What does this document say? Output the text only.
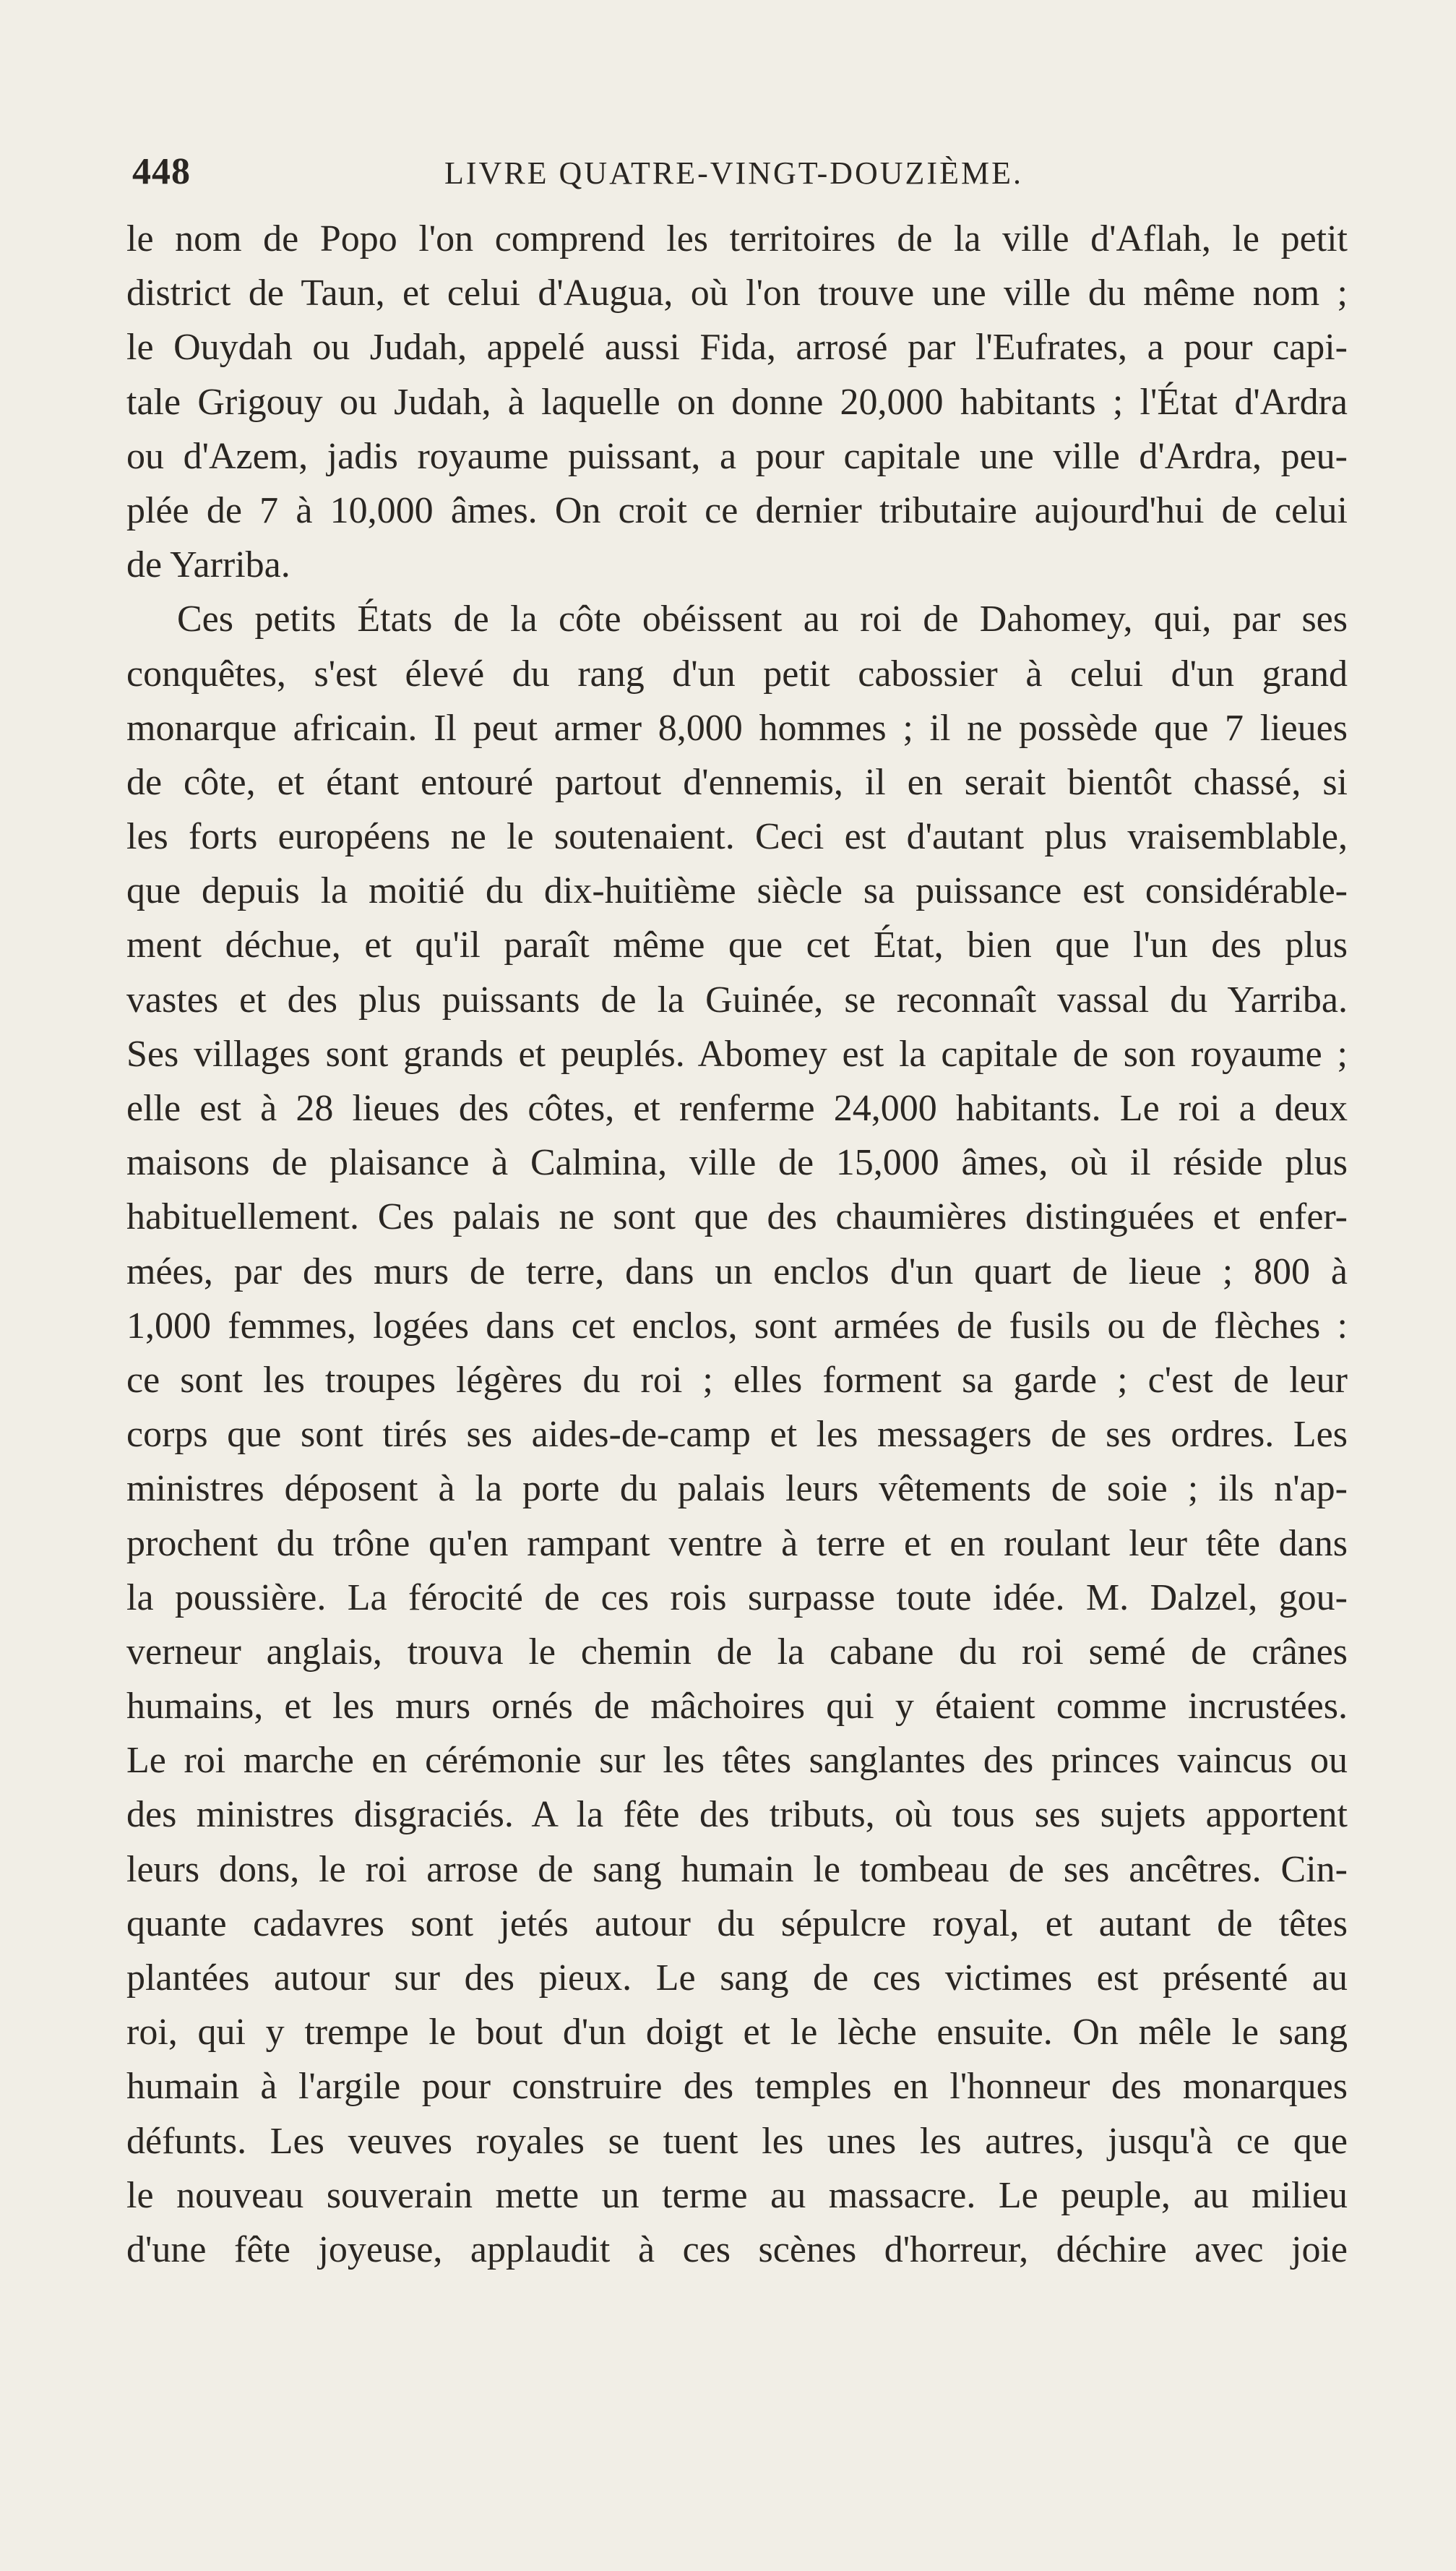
448	LIVRE QUATRE-VINGT-DOUZIÈME.
le nom de Popo l'on comprend les territoires de la ville d'Aflah, le petit
district de Taun, et celui d'Augua, où l'on trouve une ville du même nom ;
le Ouydah ou Judah, appelé aussi Fida, arrosé par l'Eufrates, a pour capi-
tale Grigouy ou Judah, à laquelle on donne 20,000 habitants ; l'État d'Ardra
ou d'Azem, jadis royaume puissant, a pour capitale une ville d'Ardra, peu-
plée de 7 à 10,000 âmes. On croit ce dernier tributaire aujourd'hui de celui
de Yarriba.
Ces petits États de la côte obéissent au roi de Dahomey, qui, par ses
conquêtes, s'est élevé du rang d'un petit cabossier à celui d'un grand
monarque africain. Il peut armer 8,000 hommes ; il ne possède que 7 lieues
de côte, et étant entouré partout d'ennemis, il en serait bientôt chassé, si
les forts européens ne le soutenaient. Ceci est d'autant plus vraisemblable,
que depuis la moitié du dix-huitième siècle sa puissance est considérable-
ment déchue, et qu'il paraît même que cet État, bien que l'un des plus
vastes et des plus puissants de la Guinée, se reconnaît vassal du Yarriba.
Ses villages sont grands et peuplés. Abomey est la capitale de son royaume ;
elle est à 28 lieues des côtes, et renferme 24,000 habitants. Le roi a deux
maisons de plaisance à Calmina, ville de 15,000 âmes, où il réside plus
habituellement. Ces palais ne sont que des chaumières distinguées et enfer-
mées, par des murs de terre, dans un enclos d'un quart de lieue ; 800 à
1,000 femmes, logées dans cet enclos, sont armées de fusils ou de flèches :
ce sont les troupes légères du roi ; elles forment sa garde ; c'est de leur
corps que sont tirés ses aides-de-camp et les messagers de ses ordres. Les
ministres déposent à la porte du palais leurs vêtements de soie ; ils n'ap-
prochent du trône qu'en rampant ventre à terre et en roulant leur tête dans
la poussière. La férocité de ces rois surpasse toute idée. M. Dalzel, gou-
verneur anglais, trouva le chemin de la cabane du roi semé de crânes
humains, et les murs ornés de mâchoires qui y étaient comme incrustées.
Le roi marche en cérémonie sur les têtes sanglantes des princes vaincus ou
des ministres disgraciés. A la fête des tributs, où tous ses sujets apportent
leurs dons, le roi arrose de sang humain le tombeau de ses ancêtres. Cin-
quante cadavres sont jetés autour du sépulcre royal, et autant de têtes
plantées autour sur des pieux. Le sang de ces victimes est présenté au
roi, qui y trempe le bout d'un doigt et le lèche ensuite. On mêle le sang
humain à l'argile pour construire des temples en l'honneur des monarques
défunts. Les veuves royales se tuent les unes les autres, jusqu'à ce que
le nouveau souverain mette un terme au massacre. Le peuple, au milieu
d'une fête joyeuse, applaudit à ces scènes d'horreur, déchire avec joie
